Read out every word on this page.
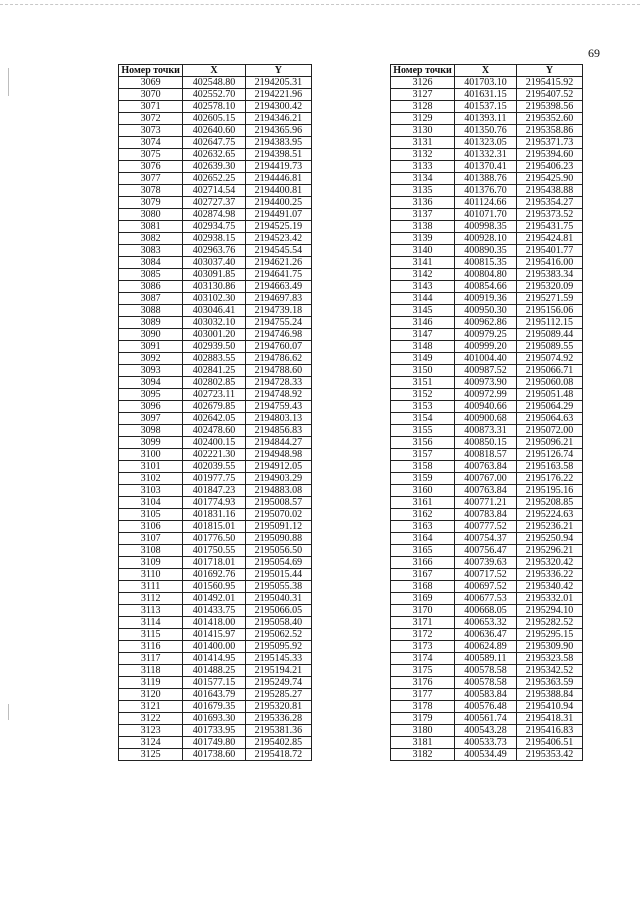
69
Номер точки	X	Y
3069	402548.80	2194205.31
3070	402552.70	2194221.96
3071	402578.10	2194300.42
3072	402605.15	2194346.21
3073	402640.60	2194365.96
3074	402647.75	2194383.95
3075	402632.65	2194398.51
3076	402639.30	2194419.73
3077	402652.25	2194446.81
3078	402714.54	2194400.81
3079	402727.37	2194400.25
3080	402874.98	2194491.07
3081	402934.75	2194525.19
3082	402938.15	2194523.42
3083	402963.76	2194545.54
3084	403037.40	2194621.26
3085	403091.85	2194641.75
3086	403130.86	2194663.49
3087	403102.30	2194697.83
3088	403046.41	2194739.18
3089	403032.10	2194755.24
3090	403001.20	2194746.98
3091	402939.50	2194760.07
3092	402883.55	2194786.62
3093	402841.25	2194788.60
3094	402802.85	2194728.33
3095	402723.11	2194748.92
3096	402679.85	2194759.43
3097	402642.05	2194803.13
3098	402478.60	2194856.83
3099	402400.15	2194844.27
3100	402221.30	2194948.98
3101	402039.55	2194912.05
3102	401977.75	2194903.29
3103	401847.23	2194883.08
3104	401774.93	2195008.57
3105	401831.16	2195070.02
3106	401815.01	2195091.12
3107	401776.50	2195090.88
3108	401750.55	2195056.50
3109	401718.01	2195054.69
3110	401692.76	2195015.44
3111	401560.95	2195055.38
3112	401492.01	2195040.31
3113	401433.75	2195066.05
3114	401418.00	2195058.40
3115	401415.97	2195062.52
3116	401400.00	2195095.92
3117	401414.95	2195145.33
3118	401488.25	2195194.21
3119	401577.15	2195249.74
3120	401643.79	2195285.27
3121	401679.35	2195320.81
3122	401693.30	2195336.28
3123	401733.95	2195381.36
3124	401749.80	2195402.85
3125	401738.60	2195418.72
Номер точки	X	Y
3126	401703.10	2195415.92
3127	401631.15	2195407.52
3128	401537.15	2195398.56
3129	401393.11	2195352.60
3130	401350.76	2195358.86
3131	401323.05	2195371.73
3132	401332.31	2195394.60
3133	401370.41	2195406.23
3134	401388.76	2195425.90
3135	401376.70	2195438.88
3136	401124.66	2195354.27
3137	401071.70	2195373.52
3138	400998.35	2195431.75
3139	400928.10	2195424.81
3140	400890.35	2195401.77
3141	400815.35	2195416.00
3142	400804.80	2195383.34
3143	400854.66	2195320.09
3144	400919.36	2195271.59
3145	400950.30	2195156.06
3146	400962.86	2195112.15
3147	400979.25	2195089.44
3148	400999.20	2195089.55
3149	401004.40	2195074.92
3150	400987.52	2195066.71
3151	400973.90	2195060.08
3152	400972.99	2195051.48
3153	400940.66	2195064.29
3154	400900.68	2195064.63
3155	400873.31	2195072.00
3156	400850.15	2195096.21
3157	400818.57	2195126.74
3158	400763.84	2195163.58
3159	400767.00	2195176.22
3160	400763.84	2195195.16
3161	400771.21	2195208.85
3162	400783.84	2195224.63
3163	400777.52	2195236.21
3164	400754.37	2195250.94
3165	400756.47	2195296.21
3166	400739.63	2195320.42
3167	400717.52	2195336.22
3168	400697.52	2195340.42
3169	400677.53	2195332.01
3170	400668.05	2195294.10
3171	400653.32	2195282.52
3172	400636.47	2195295.15
3173	400624.89	2195309.90
3174	400589.11	2195323.58
3175	400578.58	2195342.52
3176	400578.58	2195363.59
3177	400583.84	2195388.84
3178	400576.48	2195410.94
3179	400561.74	2195418.31
3180	400543.28	2195416.83
3181	400533.73	2195406.51
3182	400534.49	2195353.42
